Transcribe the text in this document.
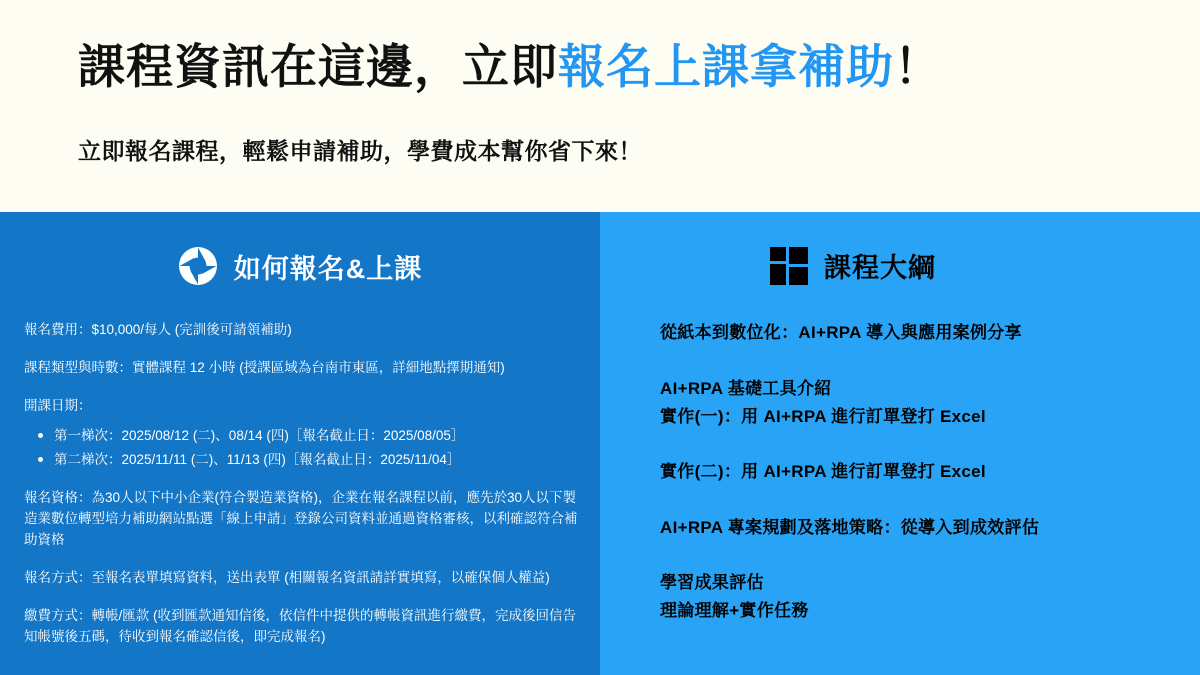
課程資訊在這邊，立即報名上課拿補助！
立即報名課程，輕鬆申請補助，學費成本幫你省下來！
如何報名&上課
報名費用：$10,000/每人 (完訓後可請領補助)
課程類型與時數：實體課程 12 小時 (授課區域為台南市東區，詳細地點擇期通知)
開課日期：
第一梯次：2025/08/12 (二)、08/14 (四)［報名截止日：2025/08/05］
第二梯次：2025/11/11 (二)、11/13 (四)［報名截止日：2025/11/04］
報名資格：為30人以下中小企業(符合製造業資格)，企業在報名課程以前，應先於30人以下製造業數位轉型培力補助網站點選「線上申請」登錄公司資料並通過資格審核，以利確認符合補助資格
報名方式：至報名表單填寫資料，送出表單 (相關報名資訊請詳實填寫，以確保個人權益)
繳費方式：轉帳/匯款 (收到匯款通知信後，依信件中提供的轉帳資訊進行繳費，完成後回信告知帳號後五碼，待收到報名確認信後，即完成報名)
課程大綱
從紙本到數位化：AI+RPA 導入與應用案例分享
AI+RPA 基礎工具介紹
實作(一)：用 AI+RPA 進行訂單登打 Excel
實作(二)：用 AI+RPA 進行訂單登打 Excel
AI+RPA 專案規劃及落地策略：從導入到成效評估
學習成果評估
理論理解+實作任務
